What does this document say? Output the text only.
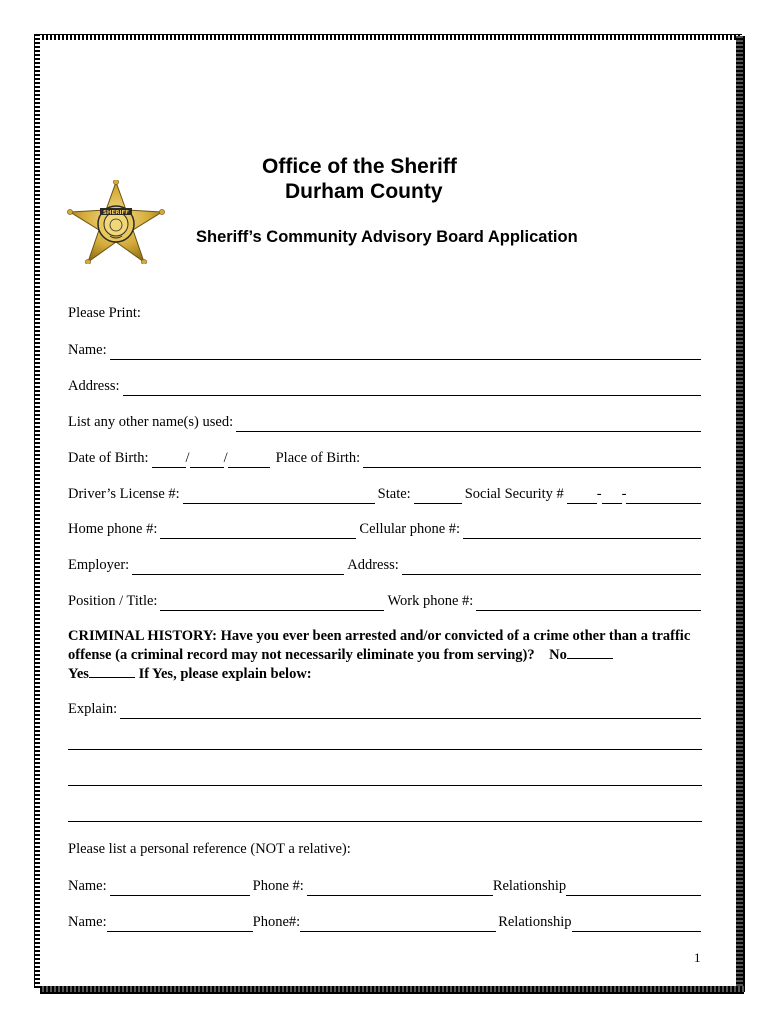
SHERIFF
Office of the Sheriff
Durham County
Sheriff’s Community Advisory Board Application
Please Print:
Name:
Address:
List any other name(s) used:
Date of Birth:	/ /	Place of Birth:
Driver’s License #:	State:	Social Security # - -
Home phone #:	Cellular phone #:
Employer:	Address:
Position / Title:	Work phone #:
CRIMINAL HISTORY: Have you ever been arrested and/or convicted of a crime other than a traffic offense (a criminal record may not necessarily eliminate you from serving)? No
Yes	If Yes, please explain below:
Explain:
Please list a personal reference (NOT a relative):
Name:	Phone #:	Relationship
Name:	Phone#:	Relationship
1
